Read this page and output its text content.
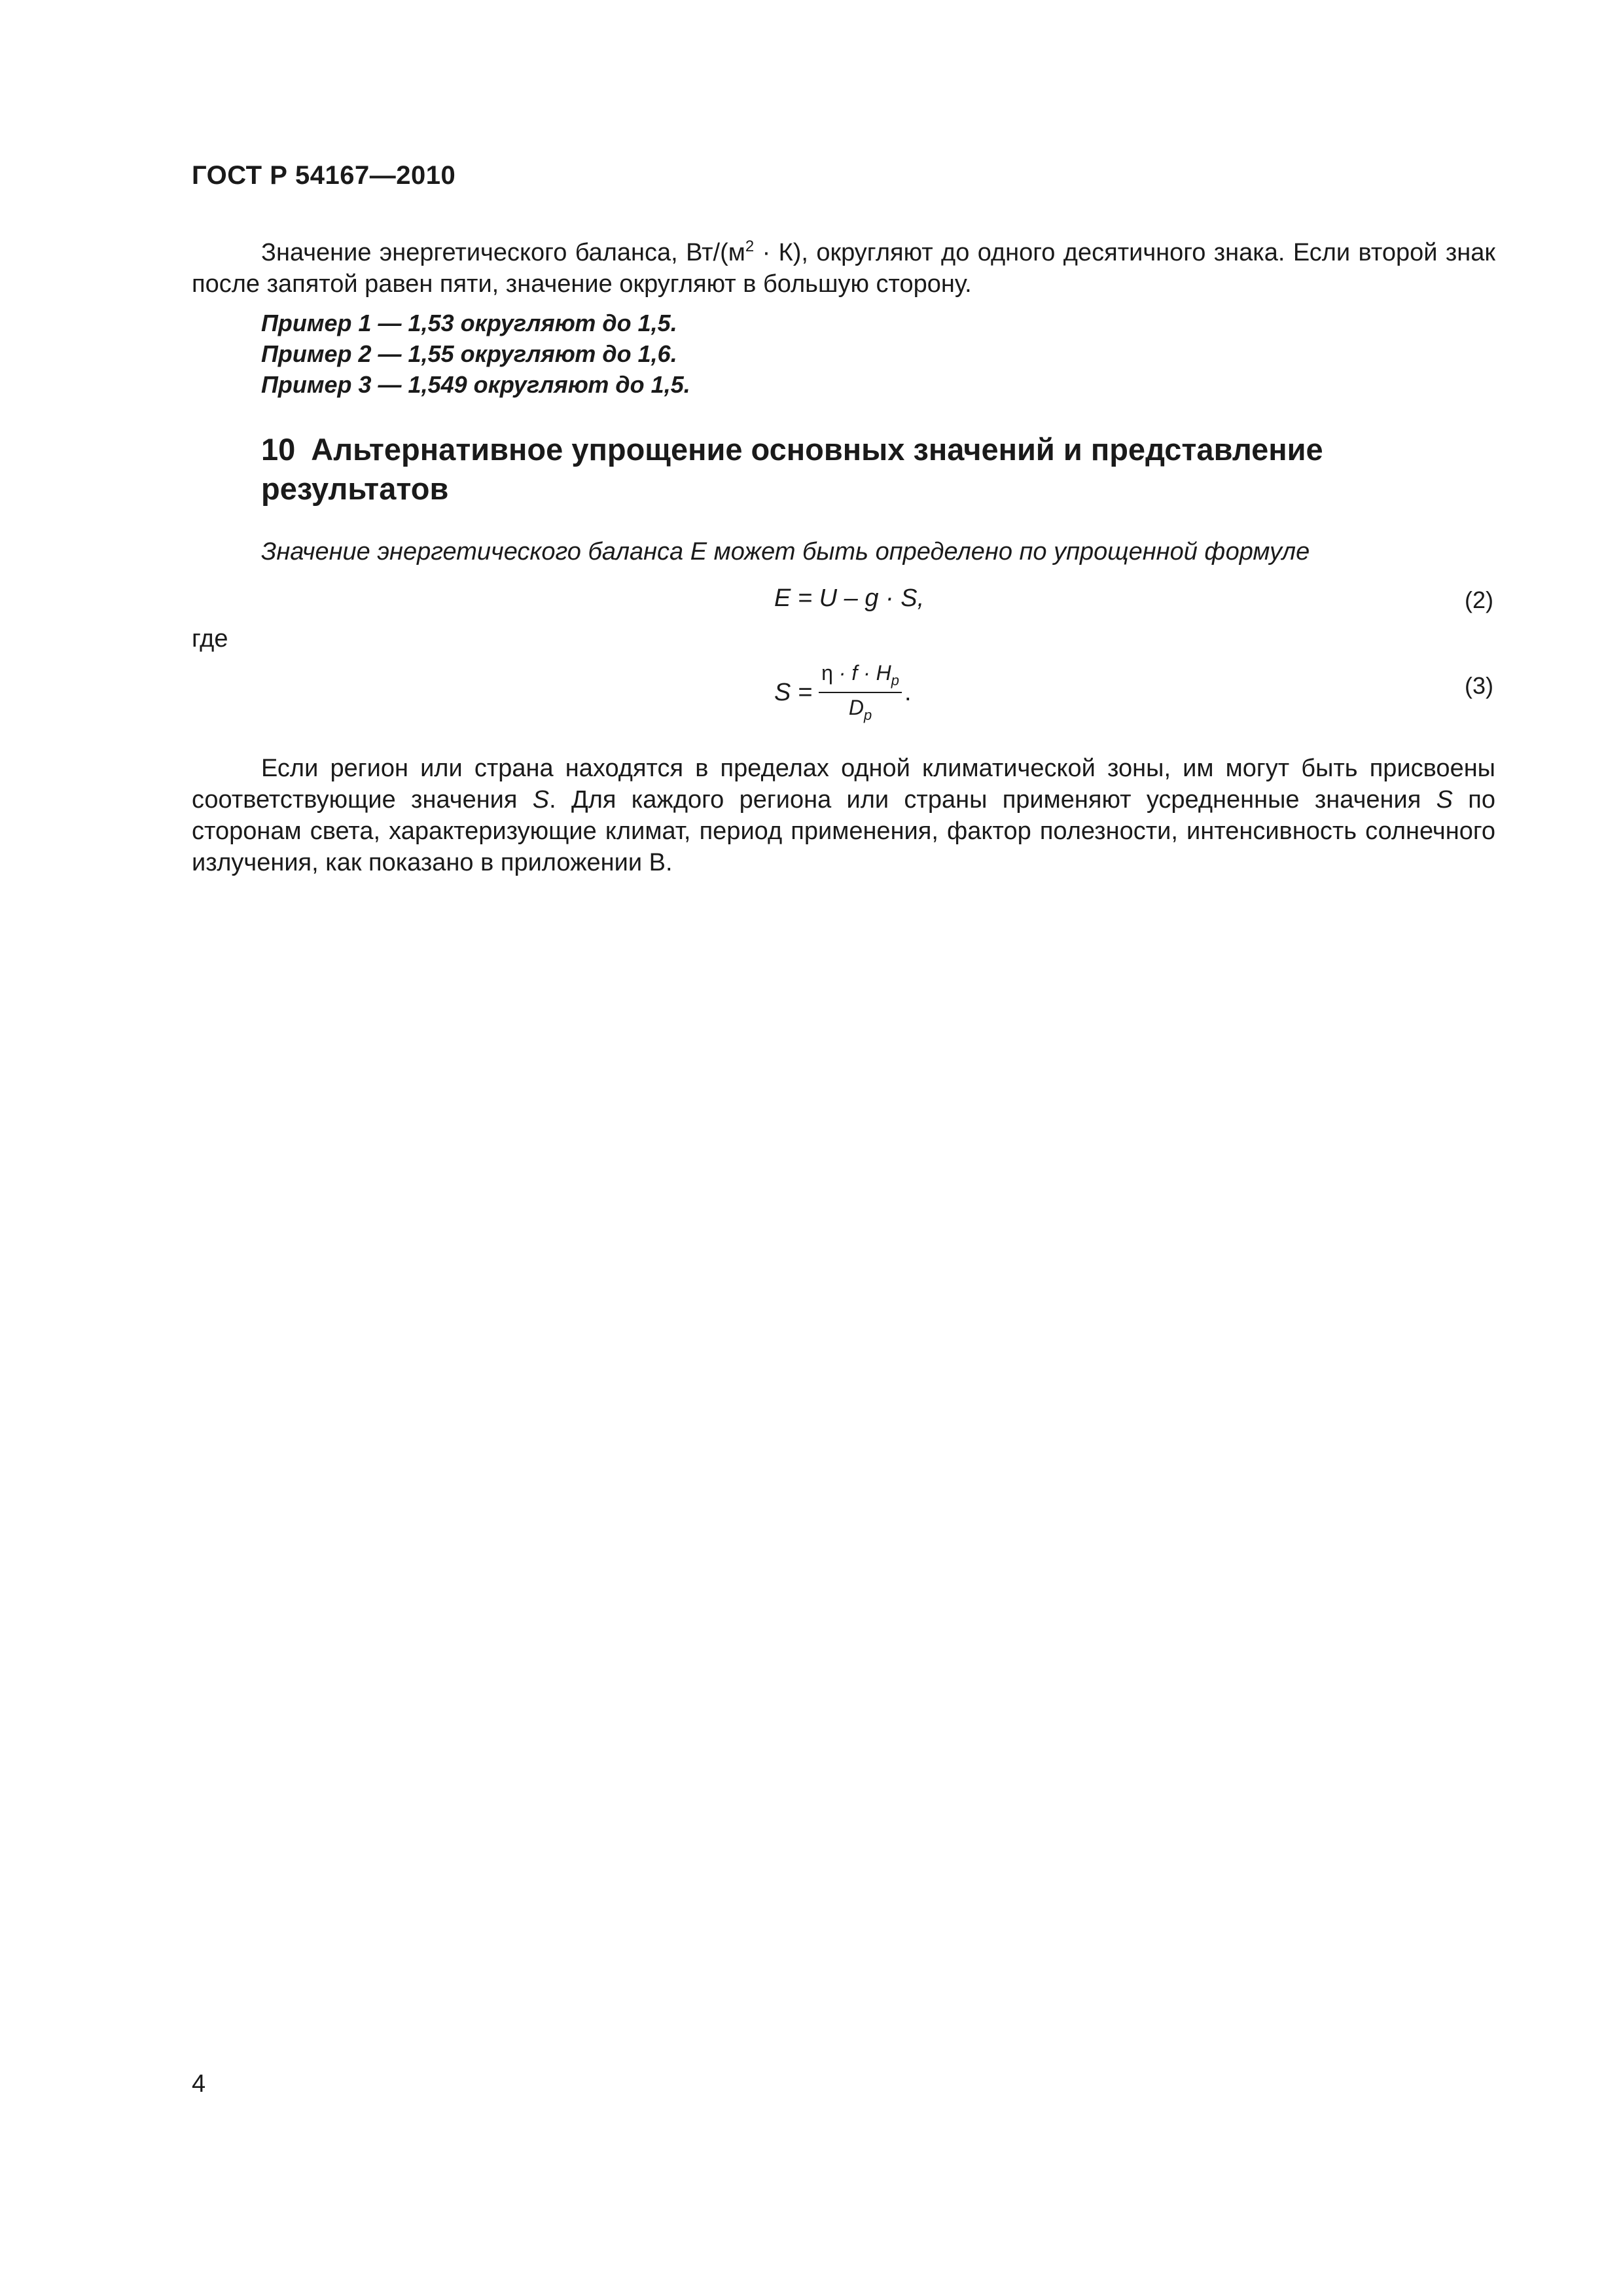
ГОСТ Р 54167—2010

Значение энергетического баланса, $Вт/(м^2 \cdot К)$, округляют до одного десятичного знака. Если второй знак после запятой равен пяти, значение округляют в большую сторону.

Пример 1 — 1,53 округляют до 1,5.
Пример 2 — 1,55 округляют до 1,6.
Пример 3 — 1,549 округляют до 1,5.
10 Альтернативное упрощение основных значений и представление результатов

Значение энергетического баланса E может быть определено по упрощенной формуле

E = U – g · S,	(2)
где
$S = \frac{\eta \cdot f \cdot H_p}{D_p}$ .	(3)

Если регион или страна находятся в пределах одной климатической зоны, им могут быть присвоены соответствующие значения S. Для каждого региона или страны применяют усредненные значения S по сторонам света, характеризующие климат, период применения, фактор полезности, интенсивность солнечного излучения, как показано в приложении В.

4
